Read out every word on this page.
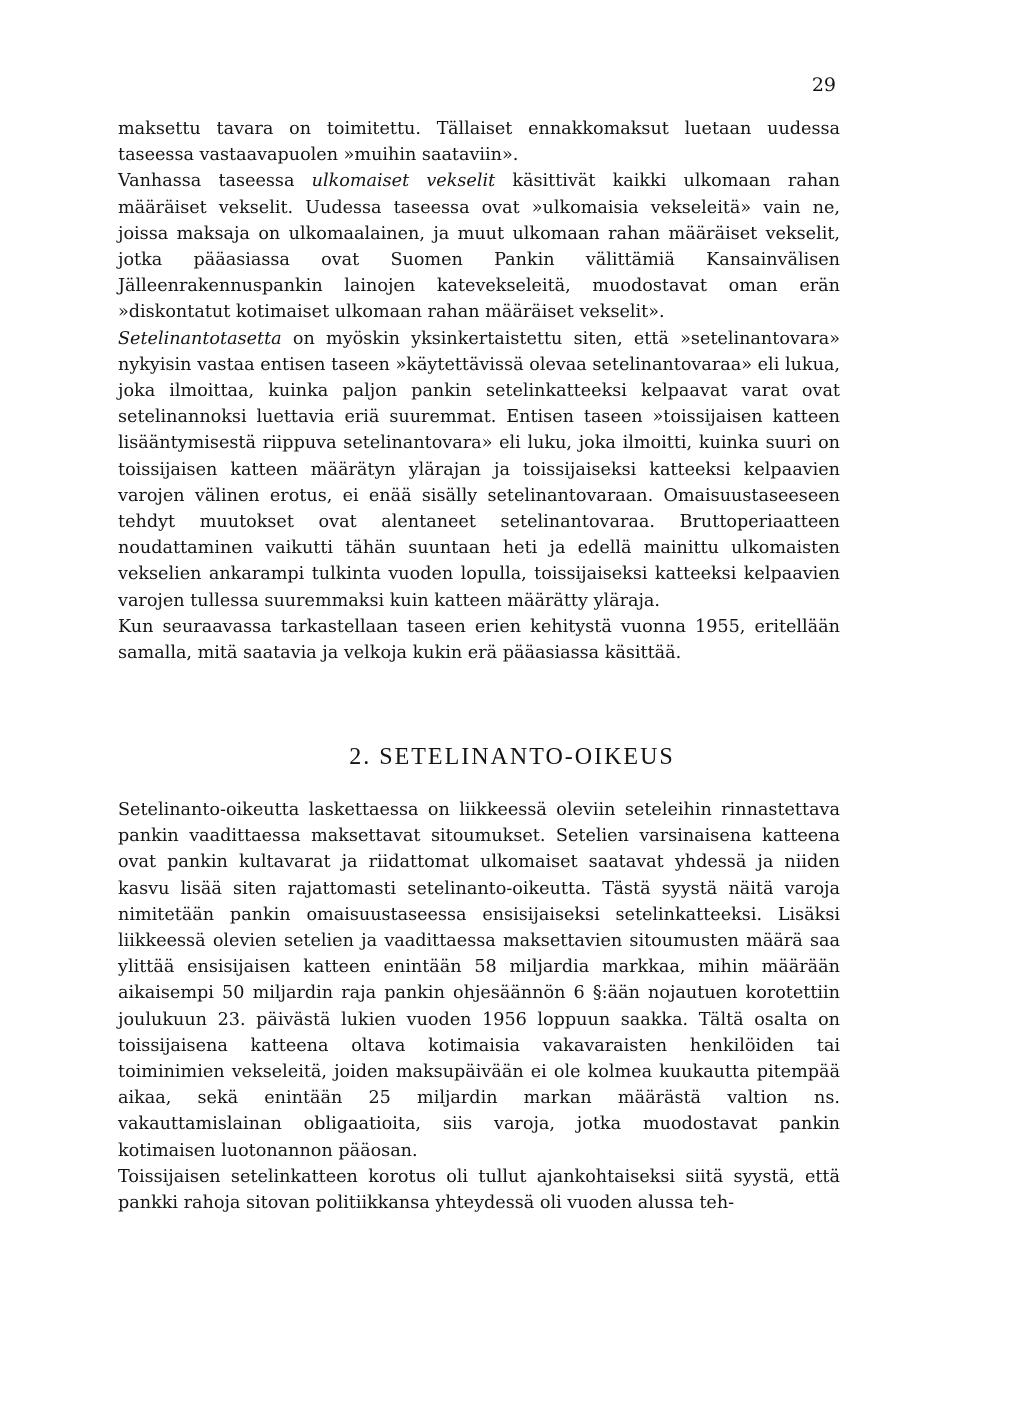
29

maksettu tavara on toimitettu. Tällaiset ennakkomaksut luetaan uudessa taseessa vastaavapuolen »muihin saataviin».

Vanhassa taseessa ulkomaiset vekselit käsittivät kaikki ulkomaan rahan määräiset vekselit. Uudessa taseessa ovat »ulkomaisia vekseleitä» vain ne, joissa maksaja on ulkomaalainen, ja muut ulkomaan rahan määräiset vekselit, jotka pääasiassa ovat Suomen Pankin välittämiä Kansainvälisen Jälleenrakennuspankin lainojen katevekseleitä, muodostavat oman erän »diskontatut kotimaiset ulkomaan rahan määräiset vekselit».

Setelinantotasetta on myöskin yksinkertaistettu siten, että »setelinantovara» nykyisin vastaa entisen taseen »käytettävissä olevaa setelinantovaraa» eli lukua, joka ilmoittaa, kuinka paljon pankin setelinkatteeksi kelpaavat varat ovat setelinannoksi luettavia eriä suuremmat. Entisen taseen »toissijaisen katteen lisääntymisestä riippuva setelinantovara» eli luku, joka ilmoitti, kuinka suuri on toissijaisen katteen määrätyn ylärajan ja toissijaiseksi katteeksi kelpaavien varojen välinen erotus, ei enää sisälly setelinantovaraan. Omaisuustaseeseen tehdyt muutokset ovat alentaneet setelinantovaraa. Bruttoperiaatteen noudattaminen vaikutti tähän suuntaan heti ja edellä mainittu ulkomaisten vekselien ankarampi tulkinta vuoden lopulla, toissijaiseksi katteeksi kelpaavien varojen tullessa suuremmaksi kuin katteen määrätty yläraja.

Kun seuraavassa tarkastellaan taseen erien kehitystä vuonna 1955, eritellään samalla, mitä saatavia ja velkoja kukin erä pääasiassa käsittää.

2. SETELINANTO-OIKEUS

Setelinanto-oikeutta laskettaessa on liikkeessä oleviin seteleihin rinnastettava pankin vaadittaessa maksettavat sitoumukset. Setelien varsinaisena katteena ovat pankin kultavarat ja riidattomat ulkomaiset saatavat yhdessä ja niiden kasvu lisää siten rajattomasti setelinanto-oikeutta. Tästä syystä näitä varoja nimitetään pankin omaisuustaseessa ensisijaiseksi setelinkatteeksi. Lisäksi liikkeessä olevien setelien ja vaadittaessa maksettavien sitoumusten määrä saa ylittää ensisijaisen katteen enintään 58 miljardia markkaa, mihin määrään aikaisempi 50 miljardin raja pankin ohjesäännön 6 §:ään nojautuen korotettiin joulukuun 23. päivästä lukien vuoden 1956 loppuun saakka. Tältä osalta on toissijaisena katteena oltava kotimaisia vakavaraisten henkilöiden tai toiminimien vekseleitä, joiden maksupäivään ei ole kolmea kuukautta pitempää aikaa, sekä enintään 25 miljardin markan määrästä valtion ns. vakauttamislainan obligaatioita, siis varoja, jotka muodostavat pankin kotimaisen luotonannon pääosan.

Toissijaisen setelinkatteen korotus oli tullut ajankohtaiseksi siitä syystä, että pankki rahoja sitovan politiikkansa yhteydessä oli vuoden alussa teh-
